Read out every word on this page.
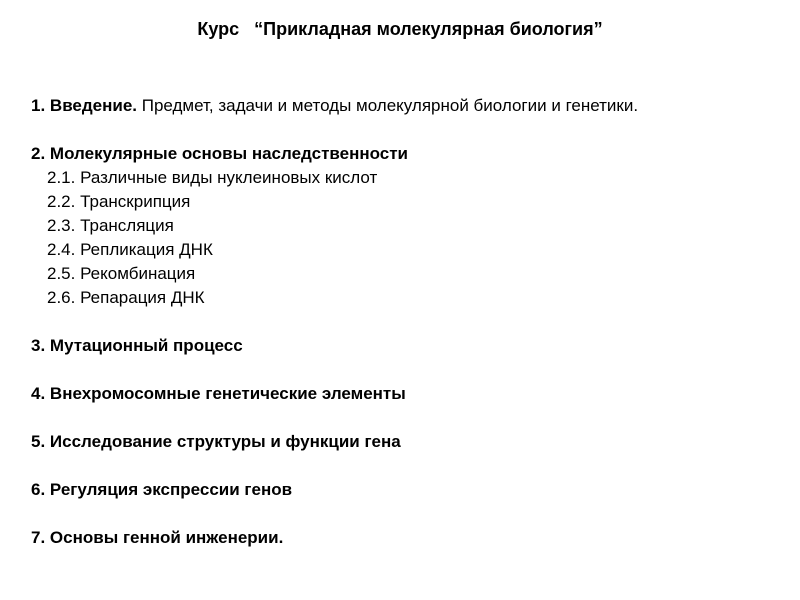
Курс   “Прикладная молекулярная биология”
1. Введение. Предмет, задачи и методы молекулярной биологии и генетики.
2. Молекулярные основы наследственности
2.1. Различные виды нуклеиновых кислот
2.2. Транскрипция
2.3. Трансляция
2.4. Репликация ДНК
2.5. Рекомбинация
2.6. Репарация ДНК
3. Мутационный процесс
4. Внехромосомные генетические элементы
5. Исследование структуры и функции гена
6. Регуляция экспрессии генов
7. Основы генной инженерии.
